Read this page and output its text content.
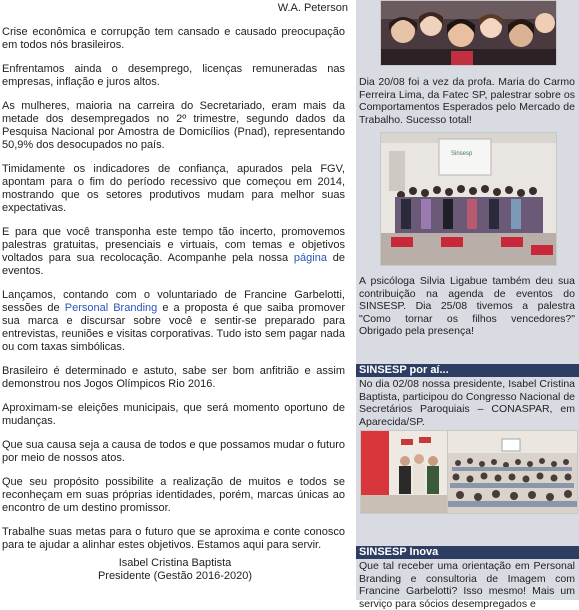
W.A. Peterson

Crise econômica e corrupção tem cansado e causado preocupação em todos nós brasileiros.

Enfrentamos ainda o desemprego, licenças remuneradas nas empresas, inflação e juros altos.

As mulheres, maioria na carreira do Secretariado, eram mais da metade dos desempregados no 2º trimestre, segundo dados da Pesquisa Nacional por Amostra de Domicílios (Pnad), representando 50,9% dos desocupados no país.

Timidamente os indicadores de confiança, apurados pela FGV, apontam para o fim do período recessivo que começou em 2014, mostrando que os setores produtivos mudam para melhor suas expectativas.

E para que você transponha este tempo tão incerto, promovemos palestras gratuitas, presenciais e virtuais, com temas e objetivos voltados para sua recolocação. Acompanhe pela nossa página de eventos.

Lançamos, contando com o voluntariado de Francine Garbelotti, sessões de Personal Branding e a proposta é que saiba promover sua marca e discursar sobre você e sentir-se preparado para entrevistas, reuniões e visitas corporativas. Tudo isto sem pagar nada ou com taxas simbólicas.

Brasileiro é determinado e astuto, sabe ser bom anfitrião e assim demonstrou nos Jogos Olímpicos Rio 2016.

Aproximam-se eleições municipais, que será momento oportuno de mudanças.

Que sua causa seja a causa de todos e que possamos mudar o futuro por meio de nossos atos.

Que seu propósito possibilite a realização de muitos e todos se reconheçam em suas próprias identidades, porém, marcas únicas ao encontro de um destino promissor.

Trabalhe suas metas para o futuro que se aproxima e conte conosco para te ajudar a alinhar estes objetivos. Estamos aqui para servir.

Isabel Cristina Baptista
Presidente (Gestão 2016-2020)
Dia 20/08 foi a vez da profa. Maria do Carmo Ferreira Lima, da Fatec SP, palestrar sobre os Comportamentos Esperados pelo Mercado de Trabalho. Sucesso total!
Sinsesp
A psicóloga Silvia Ligabue também deu sua contribuição na agenda de eventos do SINSESP. Dia 25/08 tivemos a palestra "Como tornar os filhos vencedores?" Obrigado pela presença!
SINSESP por aí...
No dia 02/08 nossa presidente, Isabel Cristina Baptista, participou do Congresso Nacional de Secretários Paroquiais – CONASPAR, em Aparecida/SP.
SINSESP Inova
Que tal receber uma orientação em Personal Branding e consultoria de Imagem com Francine Garbelotti? Isso mesmo! Mais um serviço para sócios desempregados e
